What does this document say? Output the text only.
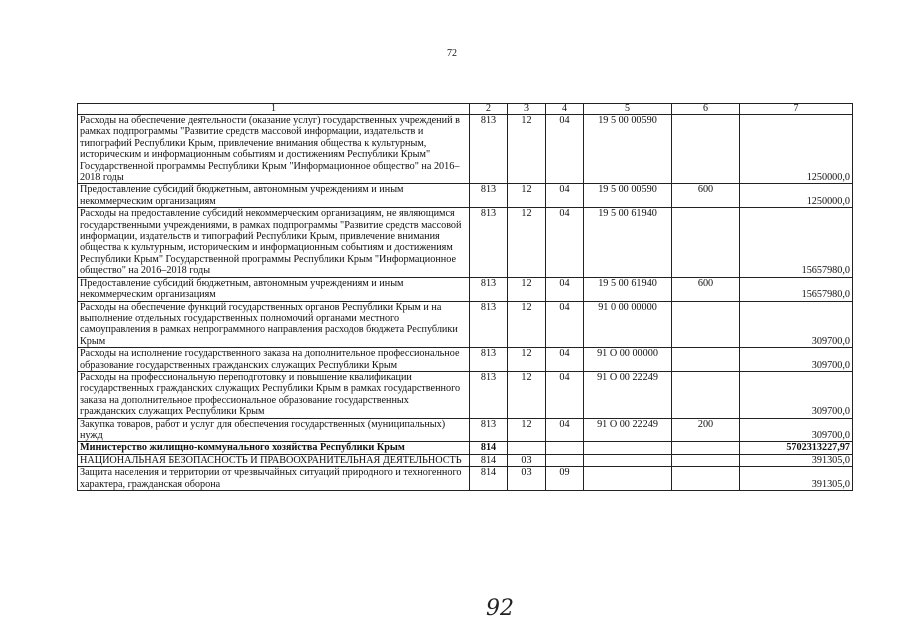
72
1	2	3	4	5	6	7
Расходы на обеспечение деятельности (оказание услуг) государственных учреждений в рамках подпрограммы "Развитие средств массовой информации, издательств и типографий Республики Крым, привлечение внимания общества к культурным, историческим и информационным событиям и достижениям Республики Крым" Государственной программы Республики Крым "Информационное общество" на 2016–2018 годы	813	12	04	19 5 00 00590		1250000,0
Предоставление субсидий бюджетным, автономным учреждениям и иным некоммерческим организациям	813	12	04	19 5 00 00590	600	1250000,0
Расходы на предоставление субсидий некоммерческим организациям, не являющимся государственными учреждениями, в рамках подпрограммы "Развитие средств массовой информации, издательств и типографий Республики Крым, привлечение внимания общества к культурным, историческим и информационным событиям и достижениям Республики Крым" Государственной программы Республики Крым "Информационное общество" на 2016–2018 годы	813	12	04	19 5 00 61940		15657980,0
Предоставление субсидий бюджетным, автономным учреждениям и иным некоммерческим организациям	813	12	04	19 5 00 61940	600	15657980,0
Расходы на обеспечение функций государственных органов Республики Крым и на выполнение отдельных государственных полномочий органами местного самоуправления в рамках непрограммного направления расходов бюджета Республики Крым	813	12	04	91 0 00 00000		309700,0
Расходы на исполнение государственного заказа на дополнительное профессиональное образование государственных гражданских служащих Республики Крым	813	12	04	91 О 00 00000		309700,0
Расходы на профессиональную переподготовку и повышение квалификации государственных гражданских служащих Республики Крым в рамках государственного заказа на дополнительное профессиональное образование государственных гражданских служащих Республики Крым	813	12	04	91 О 00 22249		309700,0
Закупка товаров, работ и услуг для обеспечения государственных (муниципальных) нужд	813	12	04	91 О 00 22249	200	309700,0
Министерство жилищно-коммунального хозяйства Республики Крым	814					5702313227,97
НАЦИОНАЛЬНАЯ БЕЗОПАСНОСТЬ И ПРАВООХРАНИТЕЛЬНАЯ ДЕЯТЕЛЬНОСТЬ	814	03				391305,0
Защита населения и территории от чрезвычайных ситуаций природного и техногенного характера, гражданская оборона	814	03	09			391305,0
92
